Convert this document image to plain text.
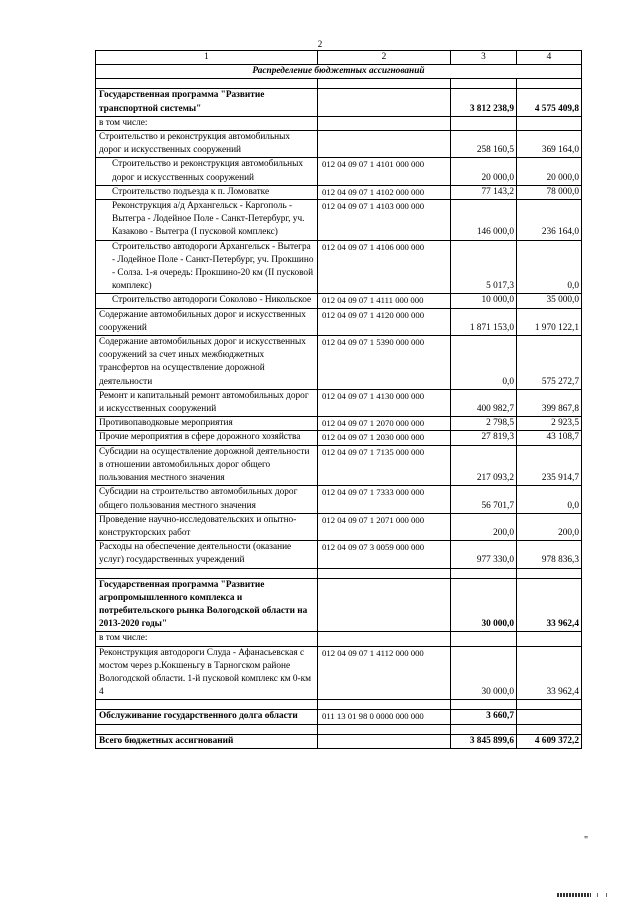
2
1	2	3	4
Распределение бюджетных ассигнований			

Государственная программа "Развитие транспортной системы"		3 812 238,9	4 575 409,8
в том числе:			
Строительство и реконструкция автомобильных дорог и искусственных сооружений		258 160,5	369 164,0
Строительство и реконструкция автомобильных дорог и искусственных сооружений	012 04 09 07 1 4101 000 000	20 000,0	20 000,0
Строительство подъезда к п. Ломоватке	012 04 09 07 1 4102 000 000	77 143,2	78 000,0
Реконструкция а/д Архангельск - Каргополь - Вытегра - Лодейное Поле - Санкт-Петербург, уч. Казаково - Вытегра (I пусковой комплекс)	012 04 09 07 1 4103 000 000	146 000,0	236 164,0
Строительство автодороги Архангельск - Вытегра - Лодейное Поле - Санкт-Петербург, уч. Прокшино - Солза. 1-я очередь: Прокшино-20 км (II пусковой комплекс)	012 04 09 07 1 4106 000 000	5 017,3	0,0
Строительство автодороги Соколово - Никольское	012 04 09 07 1 4111 000 000	10 000,0	35 000,0
Содержание автомобильных дорог и искусственных сооружений	012 04 09 07 1 4120 000 000	1 871 153,0	1 970 122,1
Содержание автомобильных дорог и искусственных сооружений за счет иных межбюджетных трансфертов на осуществление дорожной деятельности	012 04 09 07 1 5390 000 000	0,0	575 272,7
Ремонт и капитальный ремонт автомобильных дорог и искусственных сооружений	012 04 09 07 1 4130 000 000	400 982,7	399 867,8
Противопаводковые мероприятия	012 04 09 07 1 2070 000 000	2 798,5	2 923,5
Прочие мероприятия в сфере дорожного хозяйства	012 04 09 07 1 2030 000 000	27 819,3	43 108,7
Субсидии на осуществление дорожной деятельности в отношении автомобильных дорог общего пользования местного значения	012 04 09 07 1 7135 000 000	217 093,2	235 914,7
Субсидии на строительство автомобильных дорог общего пользования местного значения	012 04 09 07 1 7333 000 000	56 701,7	0,0
Проведение научно-исследовательских и опытно-конструкторских работ	012 04 09 07 1 2071 000 000	200,0	200,0
Расходы на обеспечение деятельности (оказание услуг) государственных учреждений	012 04 09 07 3 0059 000 000	977 330,0	978 836,3

Государственная программа "Развитие агропромышленного комплекса и потребительского рынка Вологодской области на 2013-2020 годы"		30 000,0	33 962,4
в том числе:			
Реконструкция автодороги Слуда - Афанасьевская с мостом через р.Кокшеньгу в Тарногском районе Вологодской области. 1-й пусковой комплекс км 0-км 4	012 04 09 07 1 4112 000 000	30 000,0	33 962,4

Обслуживание государственного долга области	011 13 01 98 0 0000 000 000	3 660,7	

Всего бюджетных ассигнований		3 845 899,6	4 609 372,2
"
